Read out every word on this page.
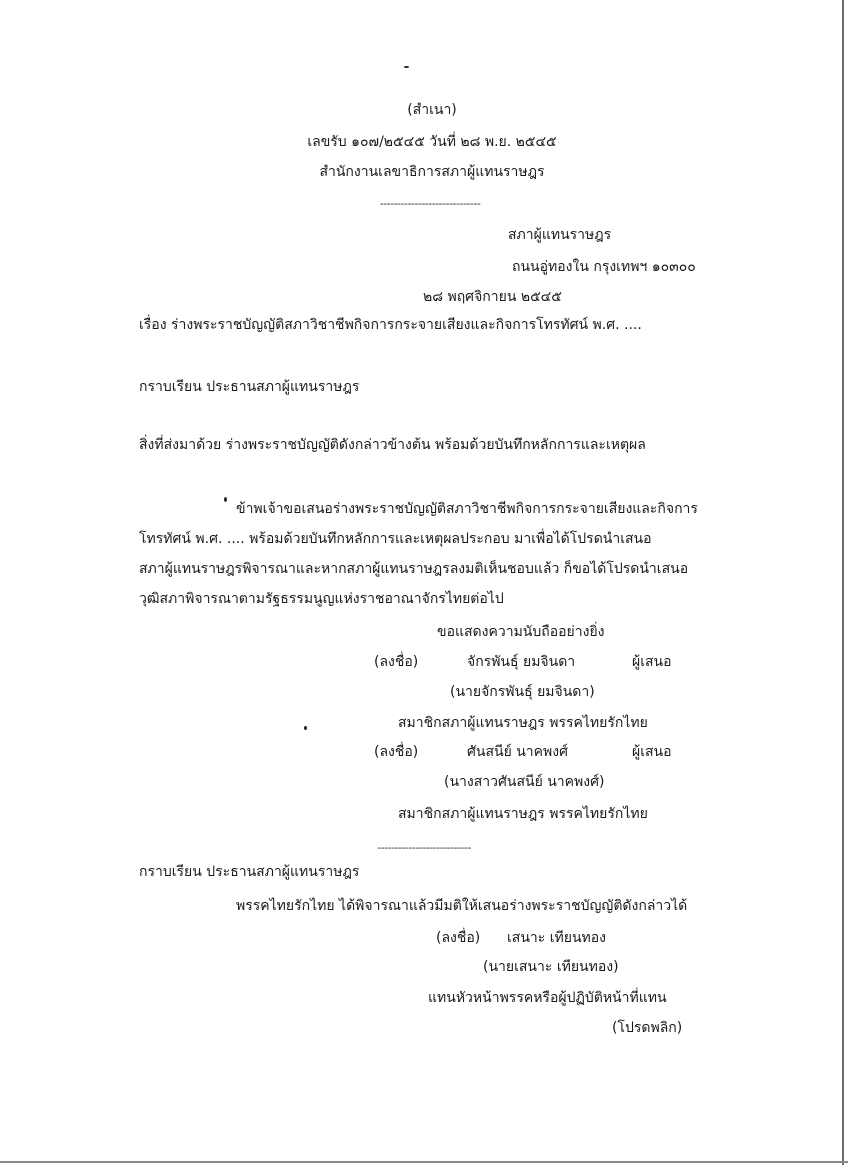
(สำเนา)
เลขรับ ๑๐๗/๒๕๔๕ วันที่ ๒๘ พ.ย. ๒๕๔๕
สำนักงานเลขาธิการสภาผู้แทนราษฎร
-----------------------------
สภาผู้แทนราษฎร
ถนนอู่ทองใน กรุงเทพฯ ๑๐๓๐๐
๒๘ พฤศจิกายน ๒๕๔๕
เรื่อง ร่างพระราชบัญญัติสภาวิชาชีพกิจการกระจายเสียงและกิจการโทรทัศน์ พ.ศ. ....
กราบเรียน ประธานสภาผู้แทนราษฎร
สิ่งที่ส่งมาด้วย ร่างพระราชบัญญัติดังกล่าวข้างต้น พร้อมด้วยบันทึกหลักการและเหตุผล
ข้าพเจ้าขอเสนอร่างพระราชบัญญัติสภาวิชาชีพกิจการกระจายเสียงและกิจการ
โทรทัศน์ พ.ศ. .... พร้อมด้วยบันทึกหลักการและเหตุผลประกอบ มาเพื่อได้โปรดนำเสนอ
สภาผู้แทนราษฎรพิจารณาและหากสภาผู้แทนราษฎรลงมติเห็นชอบแล้ว ก็ขอได้โปรดนำเสนอ
วุฒิสภาพิจารณาตามรัฐธรรมนูญแห่งราชอาณาจักรไทยต่อไป
ขอแสดงความนับถืออย่างยิ่ง
(ลงชื่อ)	จักรพันธุ์ ยมจินดา	ผู้เสนอ
(นายจักรพันธุ์ ยมจินดา)
สมาชิกสภาผู้แทนราษฎร พรรคไทยรักไทย
(ลงชื่อ)	ศันสนีย์ นาคพงศ์	ผู้เสนอ
(นางสาวศันสนีย์ นาคพงศ์)
สมาชิกสภาผู้แทนราษฎร พรรคไทยรักไทย
---------------------------
กราบเรียน ประธานสภาผู้แทนราษฎร
พรรคไทยรักไทย ได้พิจารณาแล้วมีมติให้เสนอร่างพระราชบัญญัติดังกล่าวได้
(ลงชื่อ) เสนาะ เทียนทอง
(นายเสนาะ เทียนทอง)
แทนหัวหน้าพรรคหรือผู้ปฏิบัติหน้าที่แทน
(โปรดพลิก)
